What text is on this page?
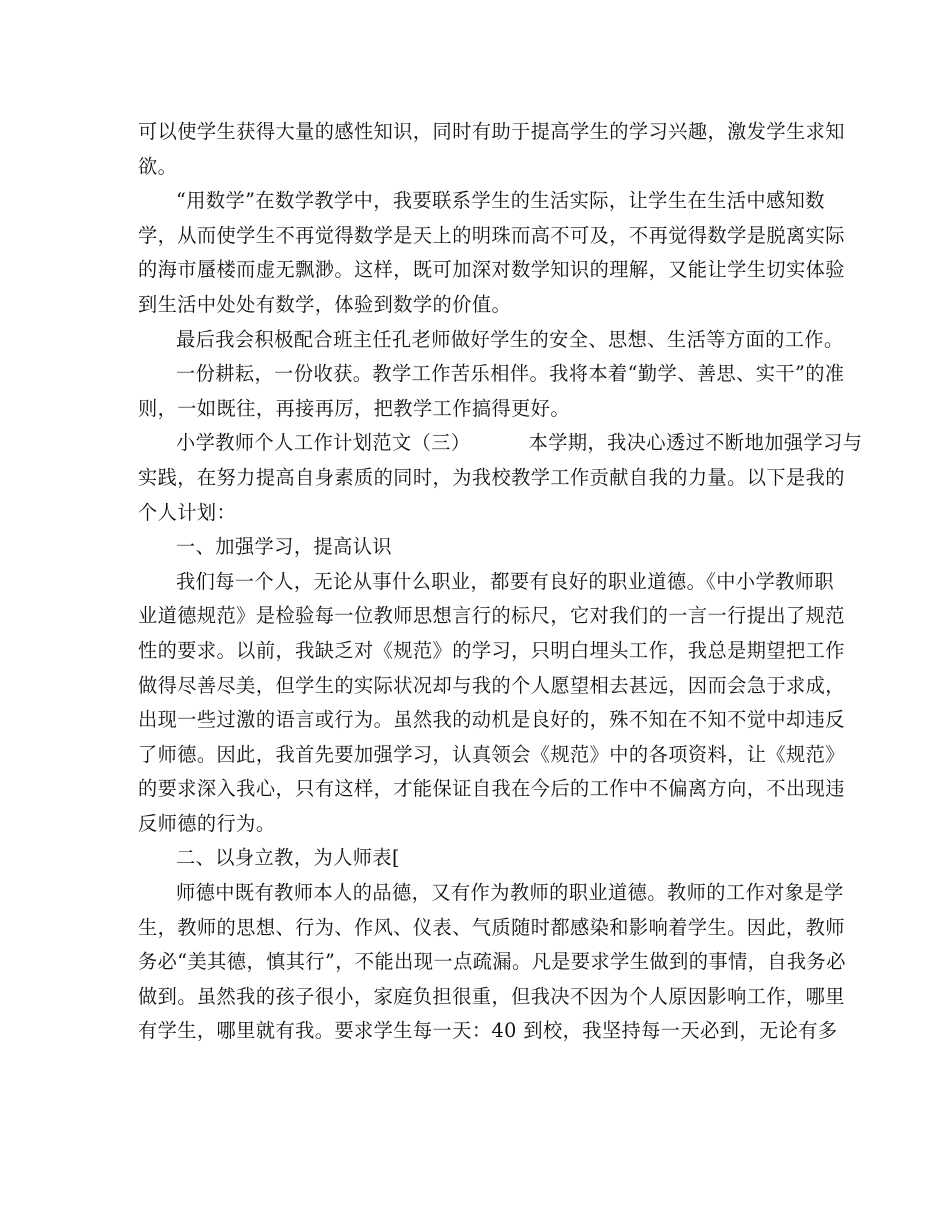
可以使学生获得大量的感性知识，同时有助于提高学生的学习兴趣，激发学生求知
欲。

“用数学”在数学教学中，我要联系学生的生活实际，让学生在生活中感知数
学，从而使学生不再觉得数学是天上的明珠而高不可及，不再觉得数学是脱离实际
的海市蜃楼而虚无飘渺。这样，既可加深对数学知识的理解，又能让学生切实体验
到生活中处处有数学，体验到数学的价值。

最后我会积极配合班主任孔老师做好学生的安全、思想、生活等方面的工作。

一份耕耘，一份收获。教学工作苦乐相伴。我将本着“勤学、善思、实干”的准
则，一如既往，再接再厉，把教学工作搞得更好。

小学教师个人工作计划范文（三）	本学期，我决心透过不断地加强学习与
实践，在努力提高自身素质的同时，为我校教学工作贡献自我的力量。以下是我的
个人计划：

一、加强学习，提高认识

我们每一个人，无论从事什么职业，都要有良好的职业道德。《中小学教师职
业道德规范》是检验每一位教师思想言行的标尺，它对我们的一言一行提出了规范
性的要求。以前，我缺乏对《规范》的学习，只明白埋头工作，我总是期望把工作
做得尽善尽美，但学生的实际状况却与我的个人愿望相去甚远，因而会急于求成，
出现一些过激的语言或行为。虽然我的动机是良好的，殊不知在不知不觉中却违反
了师德。因此，我首先要加强学习，认真领会《规范》中的各项资料，让《规范》
的要求深入我心，只有这样，才能保证自我在今后的工作中不偏离方向，不出现违
反师德的行为。

二、以身立教，为人师表[

师德中既有教师本人的品德，又有作为教师的职业道德。教师的工作对象是学
生，教师的思想、行为、作风、仪表、气质随时都感染和影响着学生。因此，教师
务必“美其德，慎其行”，不能出现一点疏漏。凡是要求学生做到的事情，自我务必
做到。虽然我的孩子很小，家庭负担很重，但我决不因为个人原因影响工作，哪里
有学生，哪里就有我。要求学生每一天：40 到校，我坚持每一天必到，无论有多
